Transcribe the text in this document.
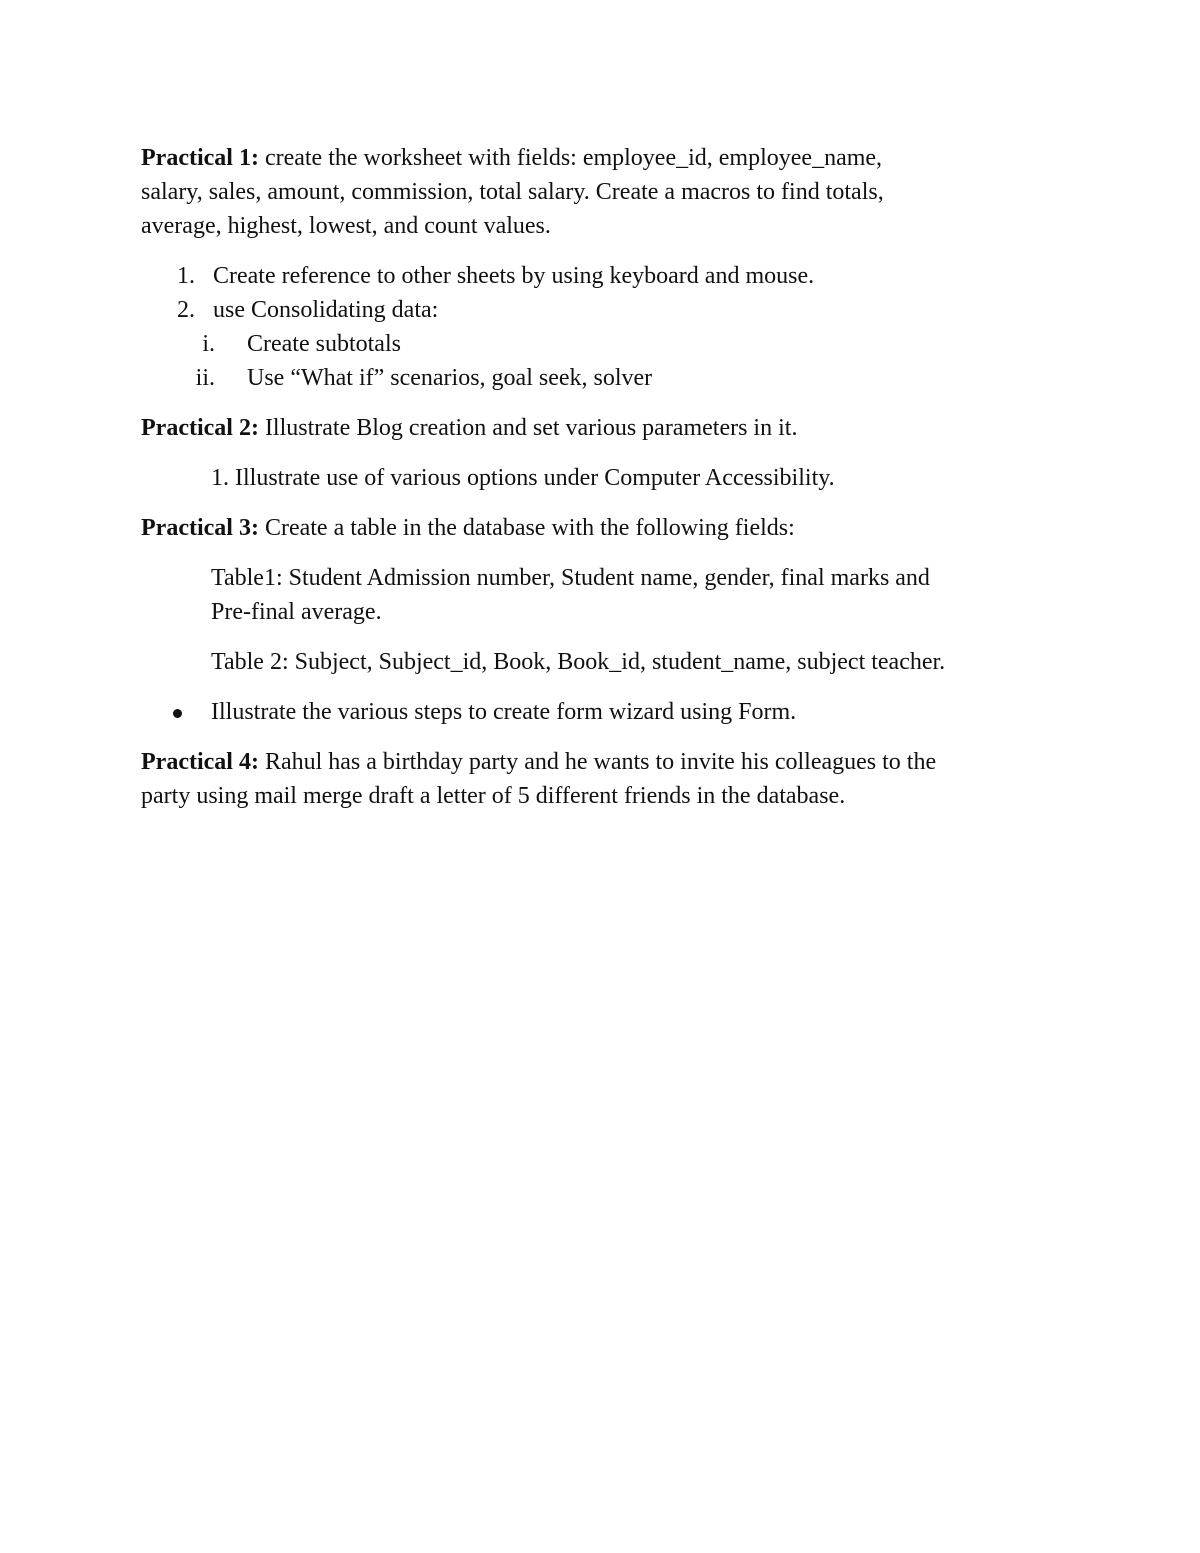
Practical 1: create the worksheet with fields: employee_id, employee_name,

salary, sales, amount, commission, total salary. Create a macros to find totals,

average, highest, lowest, and count values.

1. Create reference to other sheets by using keyboard and mouse.
2. use Consolidating data:
i. Create subtotals
ii. Use “What if” scenarios, goal seek, solver

Practical 2: Illustrate Blog creation and set various parameters in it.

1. Illustrate use of various options under Computer Accessibility.

Practical 3: Create a table in the database with the following fields:

Table1: Student Admission number, Student name, gender, final marks and

Pre-final average.

Table 2: Subject, Subject_id, Book, Book_id, student_name, subject teacher.

Illustrate the various steps to create form wizard using Form.

Practical 4: Rahul has a birthday party and he wants to invite his colleagues to the

party using mail merge draft a letter of 5 different friends in the database.
